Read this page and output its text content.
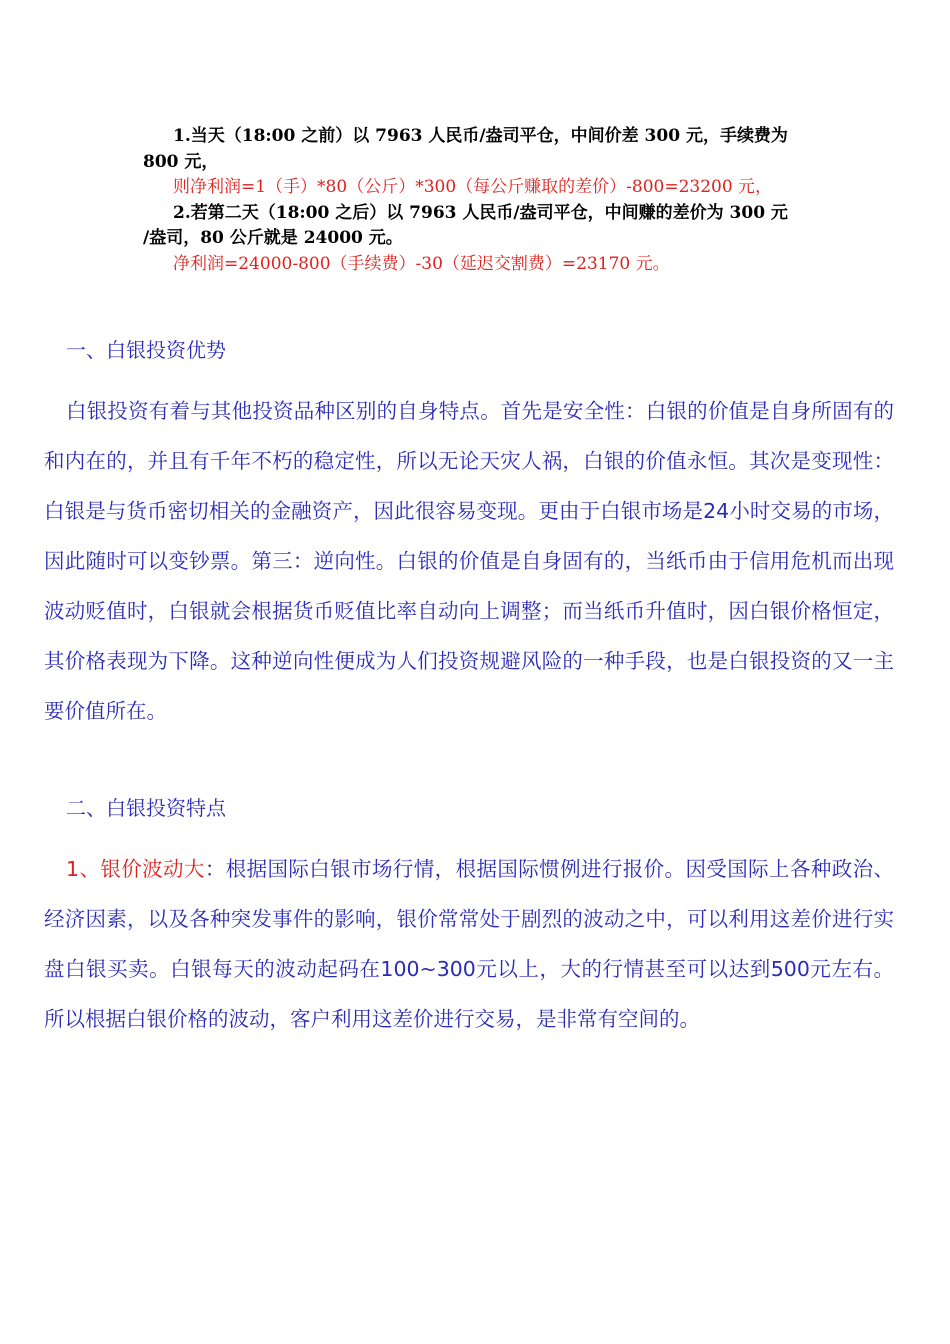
1.当天（18:00 之前）以 7963 人民币/盎司平仓，中间价差 300 元，手续费为

800 元，

则净利润=1（手）*80（公斤）*300（每公斤赚取的差价）-800=23200 元，

2.若第二天（18:00 之后）以 7963 人民币/盎司平仓，中间赚的差价为 300 元

/盎司，80 公斤就是 24000 元。

净利润=24000-800（手续费）-30（延迟交割费）=23170 元。

一、白银投资优势

白银投资有着与其他投资品种区别的自身特点。首先是安全性：白银的价值是自身所固有的和内在的，并且有千年不朽的稳定性，所以无论天灾人祸，白银的价值永恒。其次是变现性：白银是与货币密切相关的金融资产，因此很容易变现。更由于白银市场是24小时交易的市场，因此随时可以变钞票。第三：逆向性。白银的价值是自身固有的，当纸币由于信用危机而出现波动贬值时，白银就会根据货币贬值比率自动向上调整；而当纸币升值时，因白银价格恒定，其价格表现为下降。这种逆向性便成为人们投资规避风险的一种手段，也是白银投资的又一主要价值所在。

二、白银投资特点

1、银价波动大：根据国际白银市场行情，根据国际惯例进行报价。因受国际上各种政治、经济因素，以及各种突发事件的影响，银价常常处于剧烈的波动之中，可以利用这差价进行实盘白银买卖。白银每天的波动起码在100~300元以上，大的行情甚至可以达到500元左右。所以根据白银价格的波动，客户利用这差价进行交易，是非常有空间的。
